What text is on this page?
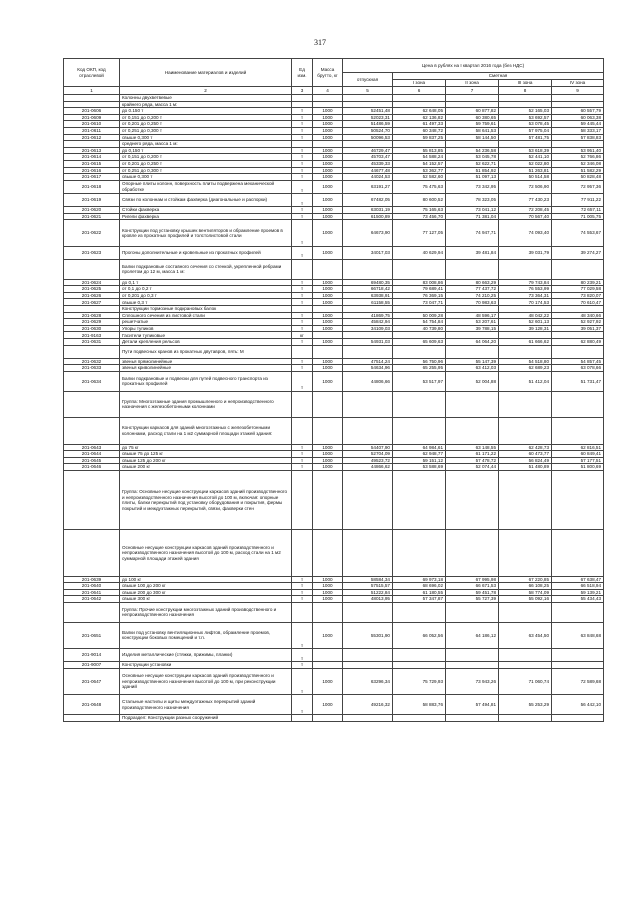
317
Код ОКП, код отраслевой	Наименование материалов и изделий	Ед изм.	Масса брутто, кг	Цена в рублях на I квартал 2016 года (без НДС)				
				отпускная	Сметная			
					I зона	II зона	III зона	IV зона
1	2	3	4	5	6	7	8	9
	Колонны двухветвевые							
	крайнего ряда, масса 1 м:							
201-0606	до 0.150 т	т	1000	52451,48	62 648,05	60 877,82	52 165,03	60 557,79
201-0609	от 0,151 до 0,200 т	т	1000	52023,31	62 136,82	60 380,65	53 692,57	60 063,38
201-0610	от 0,201 до 0,250 т	т	1000	51486,59	61 497,33	59 759,61	53 078,45	59 445,44
201-0611	от 0,251 до 0,300 т	т	1000	50524,70	60 348,72	58 641,53	57 975,04	58 333,17
201-0612	свыше 0,300 т	т	1000	50096,53	59 837,25	58 144,50	57 481,75	57 838,83
	среднего ряда, масса 1 м:							
201-0613	до 0,150 т	т	1000	46729,47	55 813,85	54 236,58	53 618,39	53 951,40
201-0614	от 0,151 до 0,200 т	т	1000	45703,47	54 588,24	53 045,78	52 441,10	52 766,86
201-0615	от 0,201 до 0,250 т	т	1000	45339,33	54 152,57	52 622,71	52 022,80	52 346,08
201-0616	от 0,251 до 0,300 т	т	1000	44677,48	53 362,77	51 854,92	51 263,81	51 582,29
201-0617	свыше 0,300 т	т	1000	44024,53	52 582,60	51 097,13	50 514,58	50 828,48
201-0618	Опорные плиты колонн, поверхность плиты подвержена механической обработке	т	1000	63191,27	75 475,63	73 342,95	72 506,90	72 957,36
201-0619	Связи по колоннам и стойкам фахверка (диагональные и распорки)	т	1000	67482,05	80 600,52	78 323,05	77 430,23	77 911,22
201-0620	Стойки фахверка	т	1000	63031,19	75 165,63	73 041,12	72 208,45	72 657,11
201-0621	Ригели фахверка	т	1000	61500,89	73 456,70	71 381,04	70 567,40	71 005,75
201-0622	Конструкции под установку крышек вентиляторов и обрамление проемов в кровле из прокатных профилей и толстолистовой стали	т	1000	64673,90	77 127,05	74 947,71	74 093,40	74 553,67
201-0623	Прогоны дополнительные и кровельные из прокатных профилей	т	1000	34017,03	40 629,94	39 481,84	39 031,79	39 274,27
	Балки подкрановые составного сечения со стенкой, укрепленной ребрами пролетом до 12 м, масса 1 м:							
201-0624	до 0,1 т	т	1000	69480,35	83 008,86	80 663,29	79 743,84	80 239,21
201-0625	от 0,1 до 0,2 т	т	1000	66718,42	79 689,41	77 437,72	76 553,99	77 029,58
201-0626	от 0,201 до 0,3 т	т	1000	63938,91	76 369,15	74 210,25	73 364,31	73 820,07
201-0627	свыше 0,3 т	т	1000	61158,55	73 047,71	70 983,63	70 174,53	70 610,47
	Конструкции тормозные подкрановых балок							
201-0628	Сплошного сечения из листовой стали	т	1000	41869,75	50 009,28	48 596,17	48 042,22	48 340,66
201-0629	решетчатые	т	1000	45842,94	54 754,84	53 207,61	52 601,13	52 927,92
201-0630	Упоры тупиков	т	1000	34109,03	40 739,80	39 788,15	39 128,31	39 051,37
201-9163	Гасители тупиковые	кг						
201-0631	Детали крепления рельсов	т	1000	54931,03	65 609,63	64 064,20	61 666,62	62 880,49
	Пути подвесных кранов из прокатных двутавров, пять: М							
201-0632	звенья прямолинейные	т	1000	47514,24	56 750,96	55 147,39	54 518,80	54 857,45
201-0633	звенья криволинейные	т	1000	54634,96	65 255,95	63 412,03	62 689,23	63 078,66
201-0634	Балки подкрановые и подвески для путей подвесного транспорта из прокатных профилей	т	1000	44806,66	53 517,97	52 004,88	51 412,04	51 731,47
	Группа: Многоэтажные здания промышленного и непроизводственного назначения с железобетонными колоннами							
	Конструкции каркасов для зданий многоэтажных с железобетонными колоннами, расход стали на 1 м2 суммарной площади этажей здания:							
201-0643	до 75 кг	т	1000	54407,90	64 984,61	63 148,55	62 428,73	62 816,51
201-0644	свыше 75 до 125 кг	т	1000	52704,09	62 948,77	61 171,22	60 473,77	60 849,41
201-0645	свыше 125 до 200 кг	т	1000	49523,72	59 151,12	57 478,72	56 824,49	57 177,51
201-0646	свыше 200 кг	т	1000	44866,62	53 588,69	52 074,44	51 480,89	51 800,69
	Группа: Основные несущие конструкции каркасов зданий производственного и непроизводственного назначения высотой до 100 м, включая: опорные плиты, балки перекрытий под установку оборудования и покрытия, фермы покрытий и междуэтажных перекрытий, связи, фахверки стен							
	Основные несущие конструкции каркасов зданий производственного и непроизводственного назначения высотой до 100 м, расход стали на 1 м2 суммарной площади этажей здания							
201-0639	до 100 кг	т	1000	58584,34	69 973,18	67 995,98	67 220,85	67 638,47
201-0640	свыше 100 до 200 кг	т	1000	57515,57	68 696,02	66 671,53	66 108,25	66 518,94
201-0641	свыше 200 до 300 кг	т	1000	51222,84	61 180,55	59 451,78	58 774,09	59 139,21
201-0642	свыше 300 кг	т	1000	48013,95	57 347,87	55 727,39	55 092,16	55 434,43
	Группа: Прочие конструкции многоэтажных зданий производственного и непроизводственного назначения							
201-0651	Валки под установку вентиляционных лифтов, обрамление проемов, конструкции боковых помещений и т.п.	т	1000	55301,90	66 052,56	64 186,12	63 454,50	63 848,68
201-9014	Изделия металлические (стяжки, прижимы, планки)	т						
201-9007	Конструкции установки	т						
201-0647	Основные несущие конструкции каркасов зданий производственного и непроизводственного назначения высотой до 100 м, при реконструкции зданий	т	1000	63296,34	75 729,93	73 943,26	71 060,74	72 589,68
201-0648	Стальные настилы и щиты междуэтажных перекрытий зданий производственного назначения	т	1000	49216,32	58 883,76	57 494,81	55 253,29	56 442,10
	Подраздел: Конструкции разных сооружений							
